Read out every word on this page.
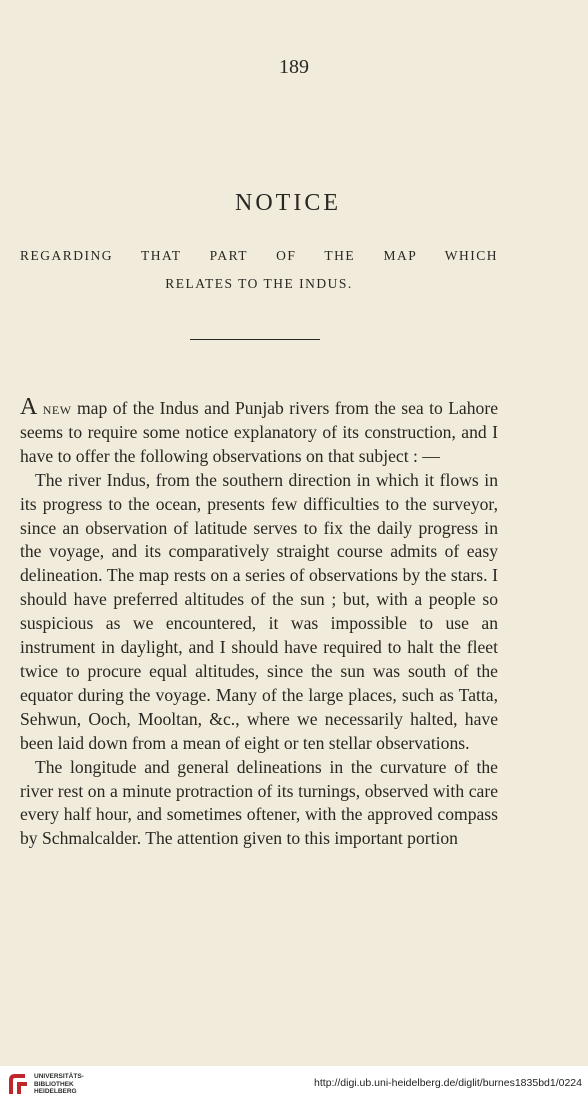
189
NOTICE
REGARDING THAT PART OF THE MAP WHICH
RELATES TO THE INDUS.

A new map of the Indus and Punjab rivers from the sea to Lahore seems to require some notice explanatory of its construction, and I have to offer the following observations on that subject : —

The river Indus, from the southern direction in which it flows in its progress to the ocean, presents few difficulties to the surveyor, since an observation of latitude serves to fix the daily progress in the voyage, and its comparatively straight course admits of easy delineation. The map rests on a series of observations by the stars. I should have preferred altitudes of the sun ; but, with a people so suspicious as we encountered, it was impossible to use an instrument in daylight, and I should have required to halt the fleet twice to procure equal altitudes, since the sun was south of the equator during the voyage. Many of the large places, such as Tatta, Sehwun, Ooch, Mooltan, &c., where we necessarily halted, have been laid down from a mean of eight or ten stellar observations.

The longitude and general delineations in the curvature of the river rest on a minute protraction of its turnings, observed with care every half hour, and sometimes oftener, with the approved compass by Schmalcalder. The attention given to this important portion

UNIVERSITÄTS-
BIBLIOTHEK
HEIDELBERG
http://digi.ub.uni-heidelberg.de/diglit/burnes1835bd1/0224
